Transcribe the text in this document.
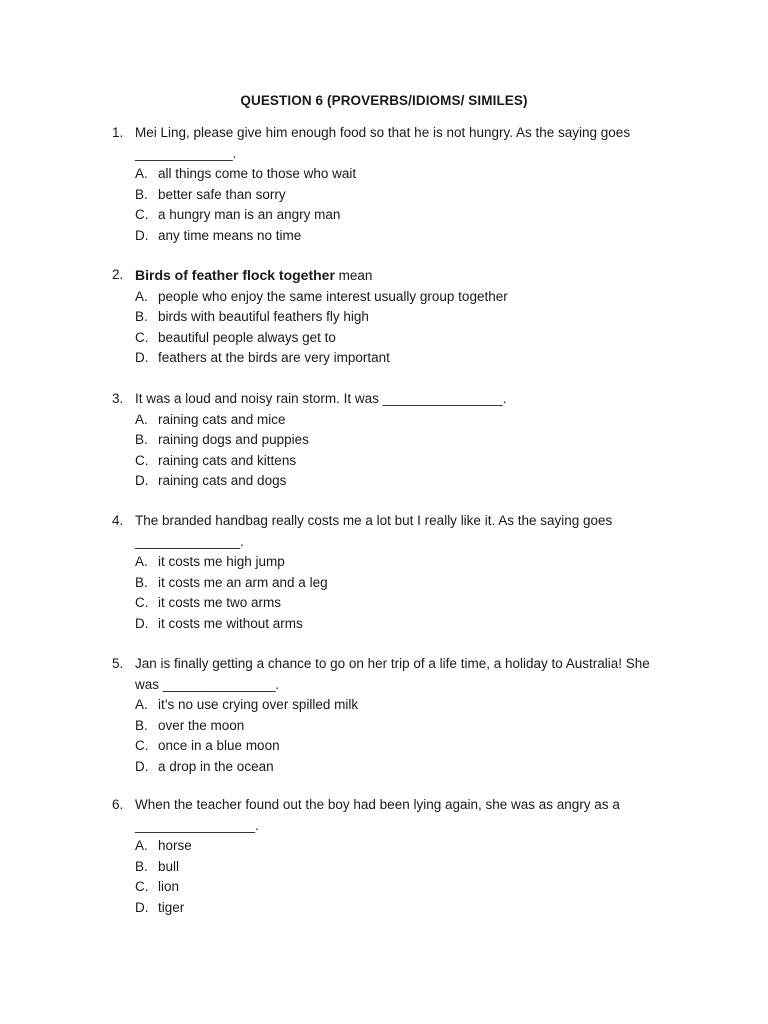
QUESTION 6 (PROVERBS/IDIOMS/ SIMILES)
1. Mei Ling, please give him enough food so that he is not hungry. As the saying goes
_____________.
A. all things come to those who wait
B. better safe than sorry
C. a hungry man is an angry man
D. any time means no time
2. Birds of feather flock together mean
A. people who enjoy the same interest usually group together
B. birds with beautiful feathers fly high
C. beautiful people always get to
D. feathers at the birds are very important
3. It was a loud and noisy rain storm. It was ________________.
A. raining cats and mice
B. raining dogs and puppies
C. raining cats and kittens
D. raining cats and dogs
4. The branded handbag really costs me a lot but I really like it. As the saying goes
______________.
A. it costs me high jump
B. it costs me an arm and a leg
C. it costs me two arms
D. it costs me without arms
5. Jan is finally getting a chance to go on her trip of a life time, a holiday to Australia! She
was _______________.
A. it’s no use crying over spilled milk
B. over the moon
C. once in a blue moon
D. a drop in the ocean
6. When the teacher found out the boy had been lying again, she was as angry as a
________________.
A. horse
B. bull
C. lion
D. tiger
